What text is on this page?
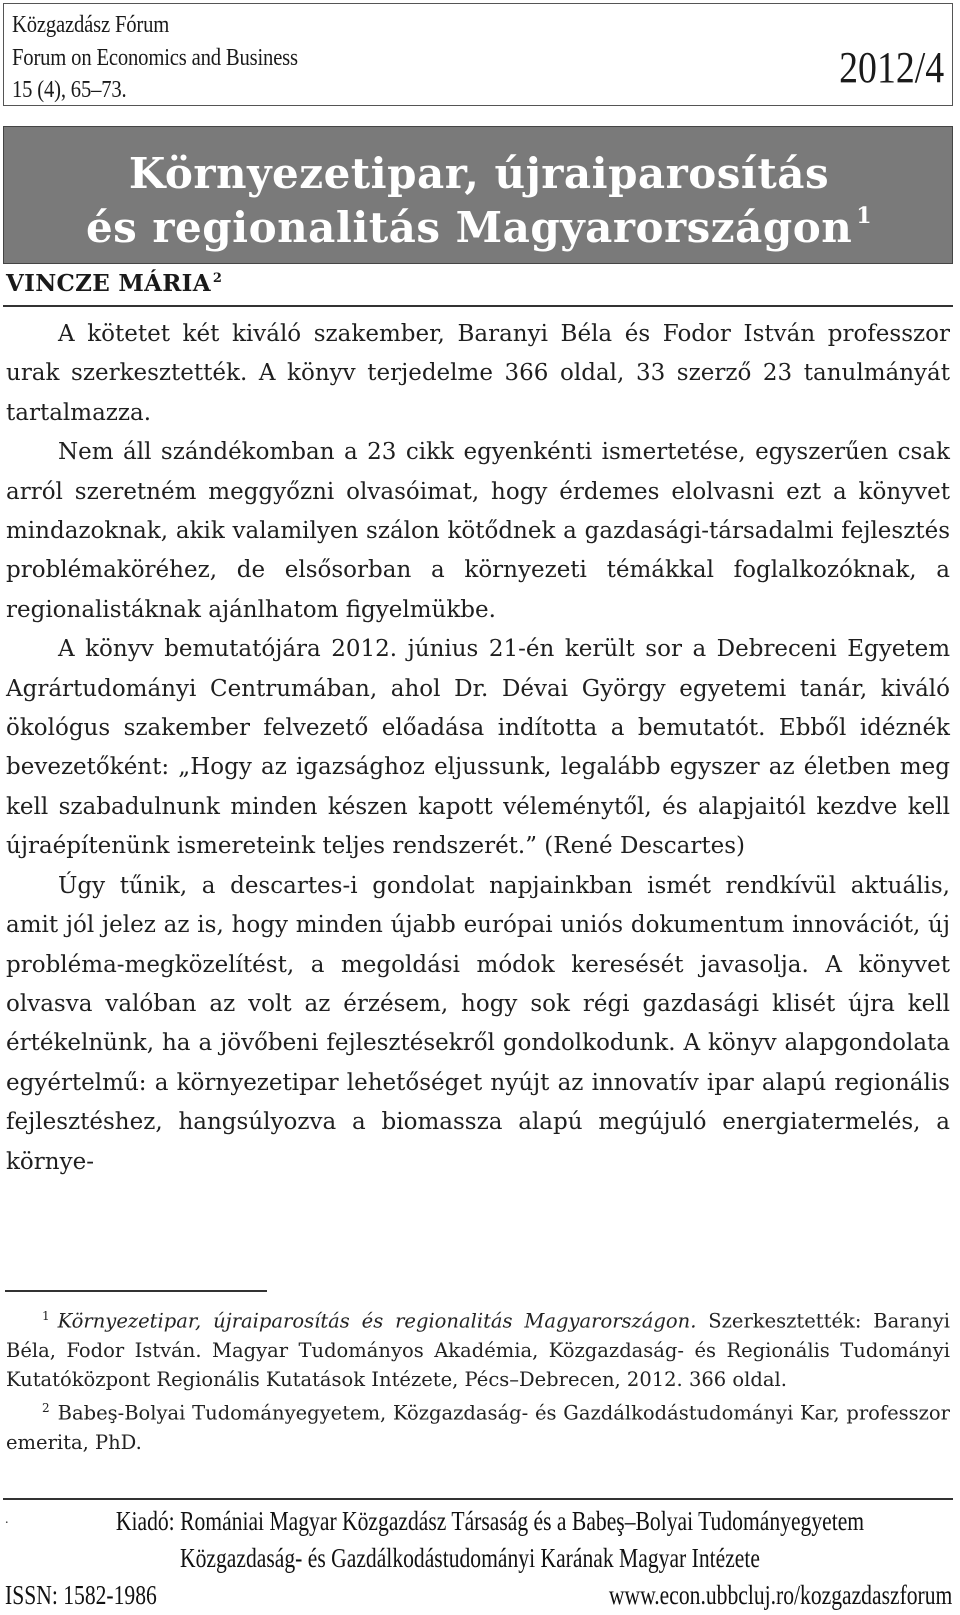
Közgazdász Fórum
Forum on Economics and Business
15 (4), 65–73.	2012/4
Környezetipar, újraiparosítás
és regionalitás Magyarországon $^1$
VINCZE MÁRIA $^2$

A kötetet két kiváló szakember, Baranyi Béla és Fodor István professzor urak szerkesztették. A könyv terjedelme 366 oldal, 33 szerző 23 tanulmányát tartalmazza.

Nem áll szándékomban a 23 cikk egyenkénti ismertetése, egyszerűen csak arról szeretném meggyőzni olvasóimat, hogy érdemes elolvasni ezt a könyvet mindazoknak, akik valamilyen szálon kötődnek a gazdasági-társadalmi fejlesztés problémaköréhez, de elsősorban a környezeti témákkal foglalkozóknak, a regionalistáknak ajánlhatom figyelmükbe.

A könyv bemutatójára 2012. június 21-én került sor a Debreceni Egyetem Agrártudományi Centrumában, ahol Dr. Dévai György egyetemi tanár, kiváló ökológus szakember felvezető előadása indította a bemutatót. Ebből idéznék bevezetőként: „Hogy az igazsághoz eljussunk, legalább egyszer az életben meg kell szabadulnunk minden készen kapott véleménytől, és alapjaitól kezdve kell újraépítenünk ismereteink teljes rendszerét.” (René Descartes)

Úgy tűnik, a descartes-i gondolat napjainkban ismét rendkívül aktuális, amit jól jelez az is, hogy minden újabb európai uniós dokumentum innovációt, új probléma-megközelítést, a megoldási módok keresését javasolja. A könyvet olvasva valóban az volt az érzésem, hogy sok régi gazdasági klisét újra kell értékelnünk, ha a jövőbeni fejlesztésekről gondolkodunk. A könyv alapgondolata egyértelmű: a környezetipar lehetőséget nyújt az innovatív ipar alapú regionális fejlesztéshez, hangsúlyozva a biomassza alapú megújuló energiatermelés, a környe-

$^1$ Környezetipar, újraiparosítás és regionalitás Magyarországon. Szerkesztették: Baranyi Béla, Fodor István. Magyar Tudományos Akadémia, Közgazdaság- és Regionális Tudományi Kutatóközpont Regionális Kutatások Intézete, Pécs–Debrecen, 2012. 366 oldal.

$^2$ Babeş-Bolyai Tudományegyetem, Közgazdaság- és Gazdálkodástudományi Kar, professzor emerita, PhD.

.	Kiadó: Romániai Magyar Közgazdász Társaság és a Babeş–Bolyai Tudományegyetem
Közgazdaság- és Gazdálkodástudományi Karának Magyar Intézete
ISSN: 1582-1986	www.econ.ubbcluj.ro/kozgazdaszforum
